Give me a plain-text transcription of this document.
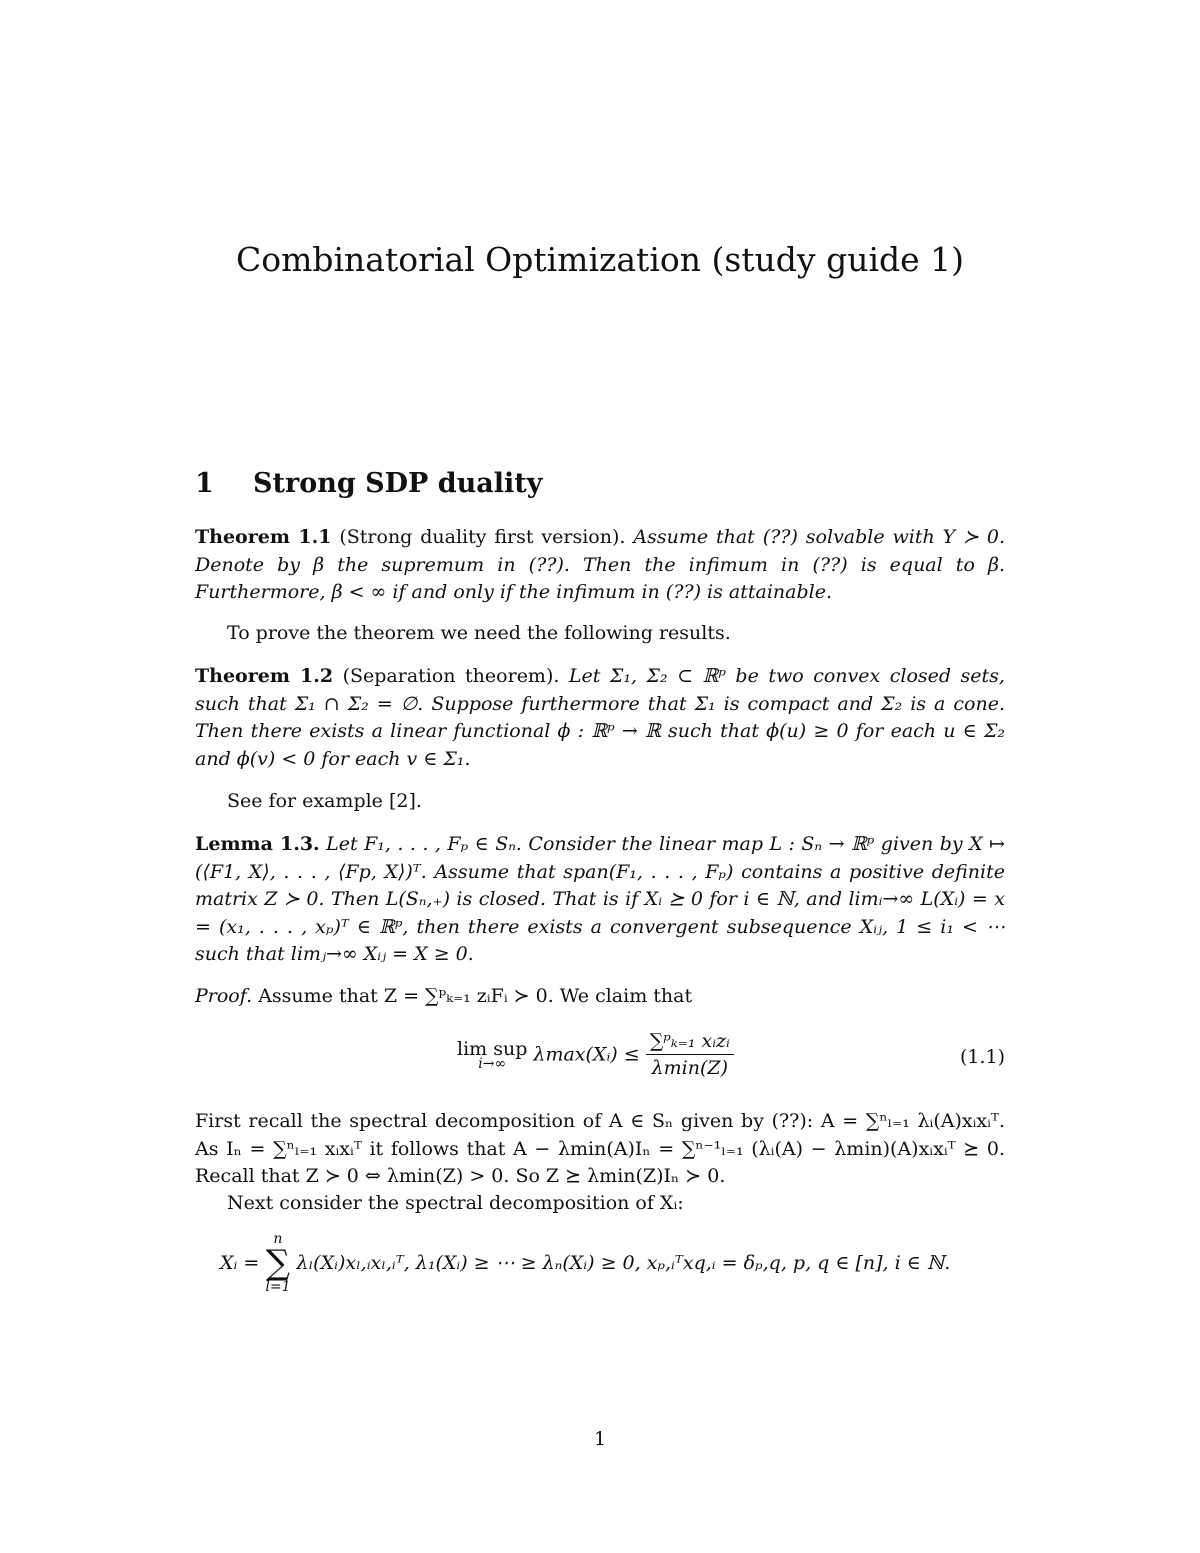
Combinatorial Optimization (study guide 1)
1 Strong SDP duality

Theorem 1.1 (Strong duality first version). Assume that (??) solvable with Y ≻ 0. Denote by β the supremum in (??). Then the infimum in (??) is equal to β. Furthermore, β < ∞ if and only if the infimum in (??) is attainable.

To prove the theorem we need the following results.

Theorem 1.2 (Separation theorem). Let Σ₁, Σ₂ ⊂ ℝᵖ be two convex closed sets, such that Σ₁ ∩ Σ₂ = ∅. Suppose furthermore that Σ₁ is compact and Σ₂ is a cone. Then there exists a linear functional ϕ : ℝᵖ → ℝ such that ϕ(u) ≥ 0 for each u ∈ Σ₂ and ϕ(v) < 0 for each v ∈ Σ₁.

See for example [2].

Lemma 1.3. Let F₁, . . . , Fₚ ∈ Sₙ. Consider the linear map L : Sₙ → ℝᵖ given by X ↦ (⟨F1, X⟩, . . . , ⟨Fp, X⟩)ᵀ. Assume that span(F₁, . . . , Fₚ) contains a positive definite matrix Z ≻ 0. Then L(Sₙ,₊) is closed. That is if Xᵢ ⪰ 0 for i ∈ ℕ, and limᵢ→∞ L(Xᵢ) = x = (x₁, . . . , xₚ)ᵀ ∈ ℝᵖ, then there exists a convergent subsequence Xᵢⱼ, 1 ≤ i₁ < ⋯ such that limⱼ→∞ Xᵢⱼ = X ≥ 0.

Proof. Assume that Z = ∑ᵖₖ₌₁ zᵢFᵢ ≻ 0. We claim that

lim sup
i→∞	λmax(Xᵢ) ≤ $\frac{\text{∑ᵖₖ₌₁ xᵢzᵢ}}{\lambda\min(Z)}$	(1.1)

First recall the spectral decomposition of A ∈ Sₙ given by (??): A = ∑ⁿₗ₌₁ λᵢ(A)xᵢxᵢᵀ. As Iₙ = ∑ⁿₗ₌₁ xᵢxᵢᵀ it follows that A − λmin(A)Iₙ = ∑ⁿ⁻¹ₗ₌₁ (λᵢ(A) − λmin)(A)xᵢxᵢᵀ ⪰ 0. Recall that Z ≻ 0 ⇔ λmin(Z) > 0. So Z ⪰ λmin(Z)Iₙ ≻ 0.

Next consider the spectral decomposition of Xᵢ:

Xᵢ =
n
∑
l=1
λₗ(Xᵢ)xₗ,ᵢxₗ,ᵢᵀ, λ₁(Xᵢ) ≥ ⋯ ≥ λₙ(Xᵢ) ≥ 0, xₚ,ᵢᵀxq,ᵢ = δₚ,q, p, q ∈ [n], i ∈ ℕ.
1
